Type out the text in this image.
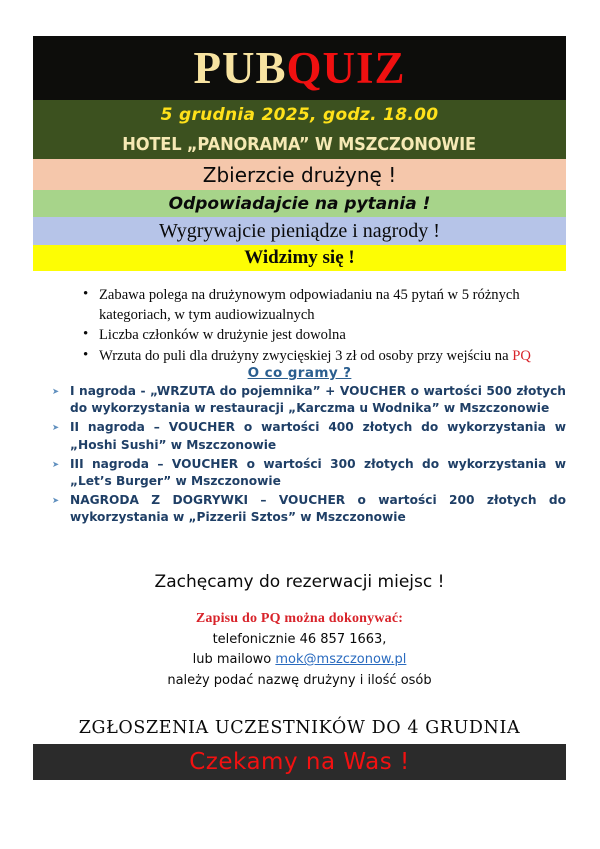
PUBQUIZ
5 grudnia 2025, godz. 18.00
HOTEL „PANORAMA” W MSZCZONOWIE
Zbierzcie drużynę !
Odpowiadajcie na pytania !
Wygrywajcie pieniądze i nagrody !
Widzimy się !
• Zabawa polega na drużynowym odpowiadaniu na 45 pytań w 5 różnych kategoriach, w tym audiowizualnych
• Liczba członków w drużynie jest dowolna
• Wrzuta do puli dla drużyny zwycięskiej 3 zł od osoby przy wejściu na PQ
O co gramy ?
➤ I nagroda - „WRZUTA do pojemnika” + VOUCHER o wartości 500 złotych do wykorzystania w restauracji „Karczma u Wodnika” w Mszczonowie
➤ II nagroda – VOUCHER o wartości 400 złotych do wykorzystania w „Hoshi Sushi” w Mszczonowie
➤ III nagroda – VOUCHER o wartości 300 złotych do wykorzystania w „Let’s Burger” w Mszczonowie
➤ NAGRODA Z DOGRYWKI – VOUCHER o wartości 200 złotych do wykorzystania w „Pizzerii Sztos” w Mszczonowie
Zachęcamy do rezerwacji miejsc !
Zapisu do PQ można dokonywać:
telefonicznie 46 857 1663,
lub mailowo mok@mszczonow.pl
należy podać nazwę drużyny i ilość osób
ZGŁOSZENIA UCZESTNIKÓW DO 4 GRUDNIA
Czekamy na Was !
